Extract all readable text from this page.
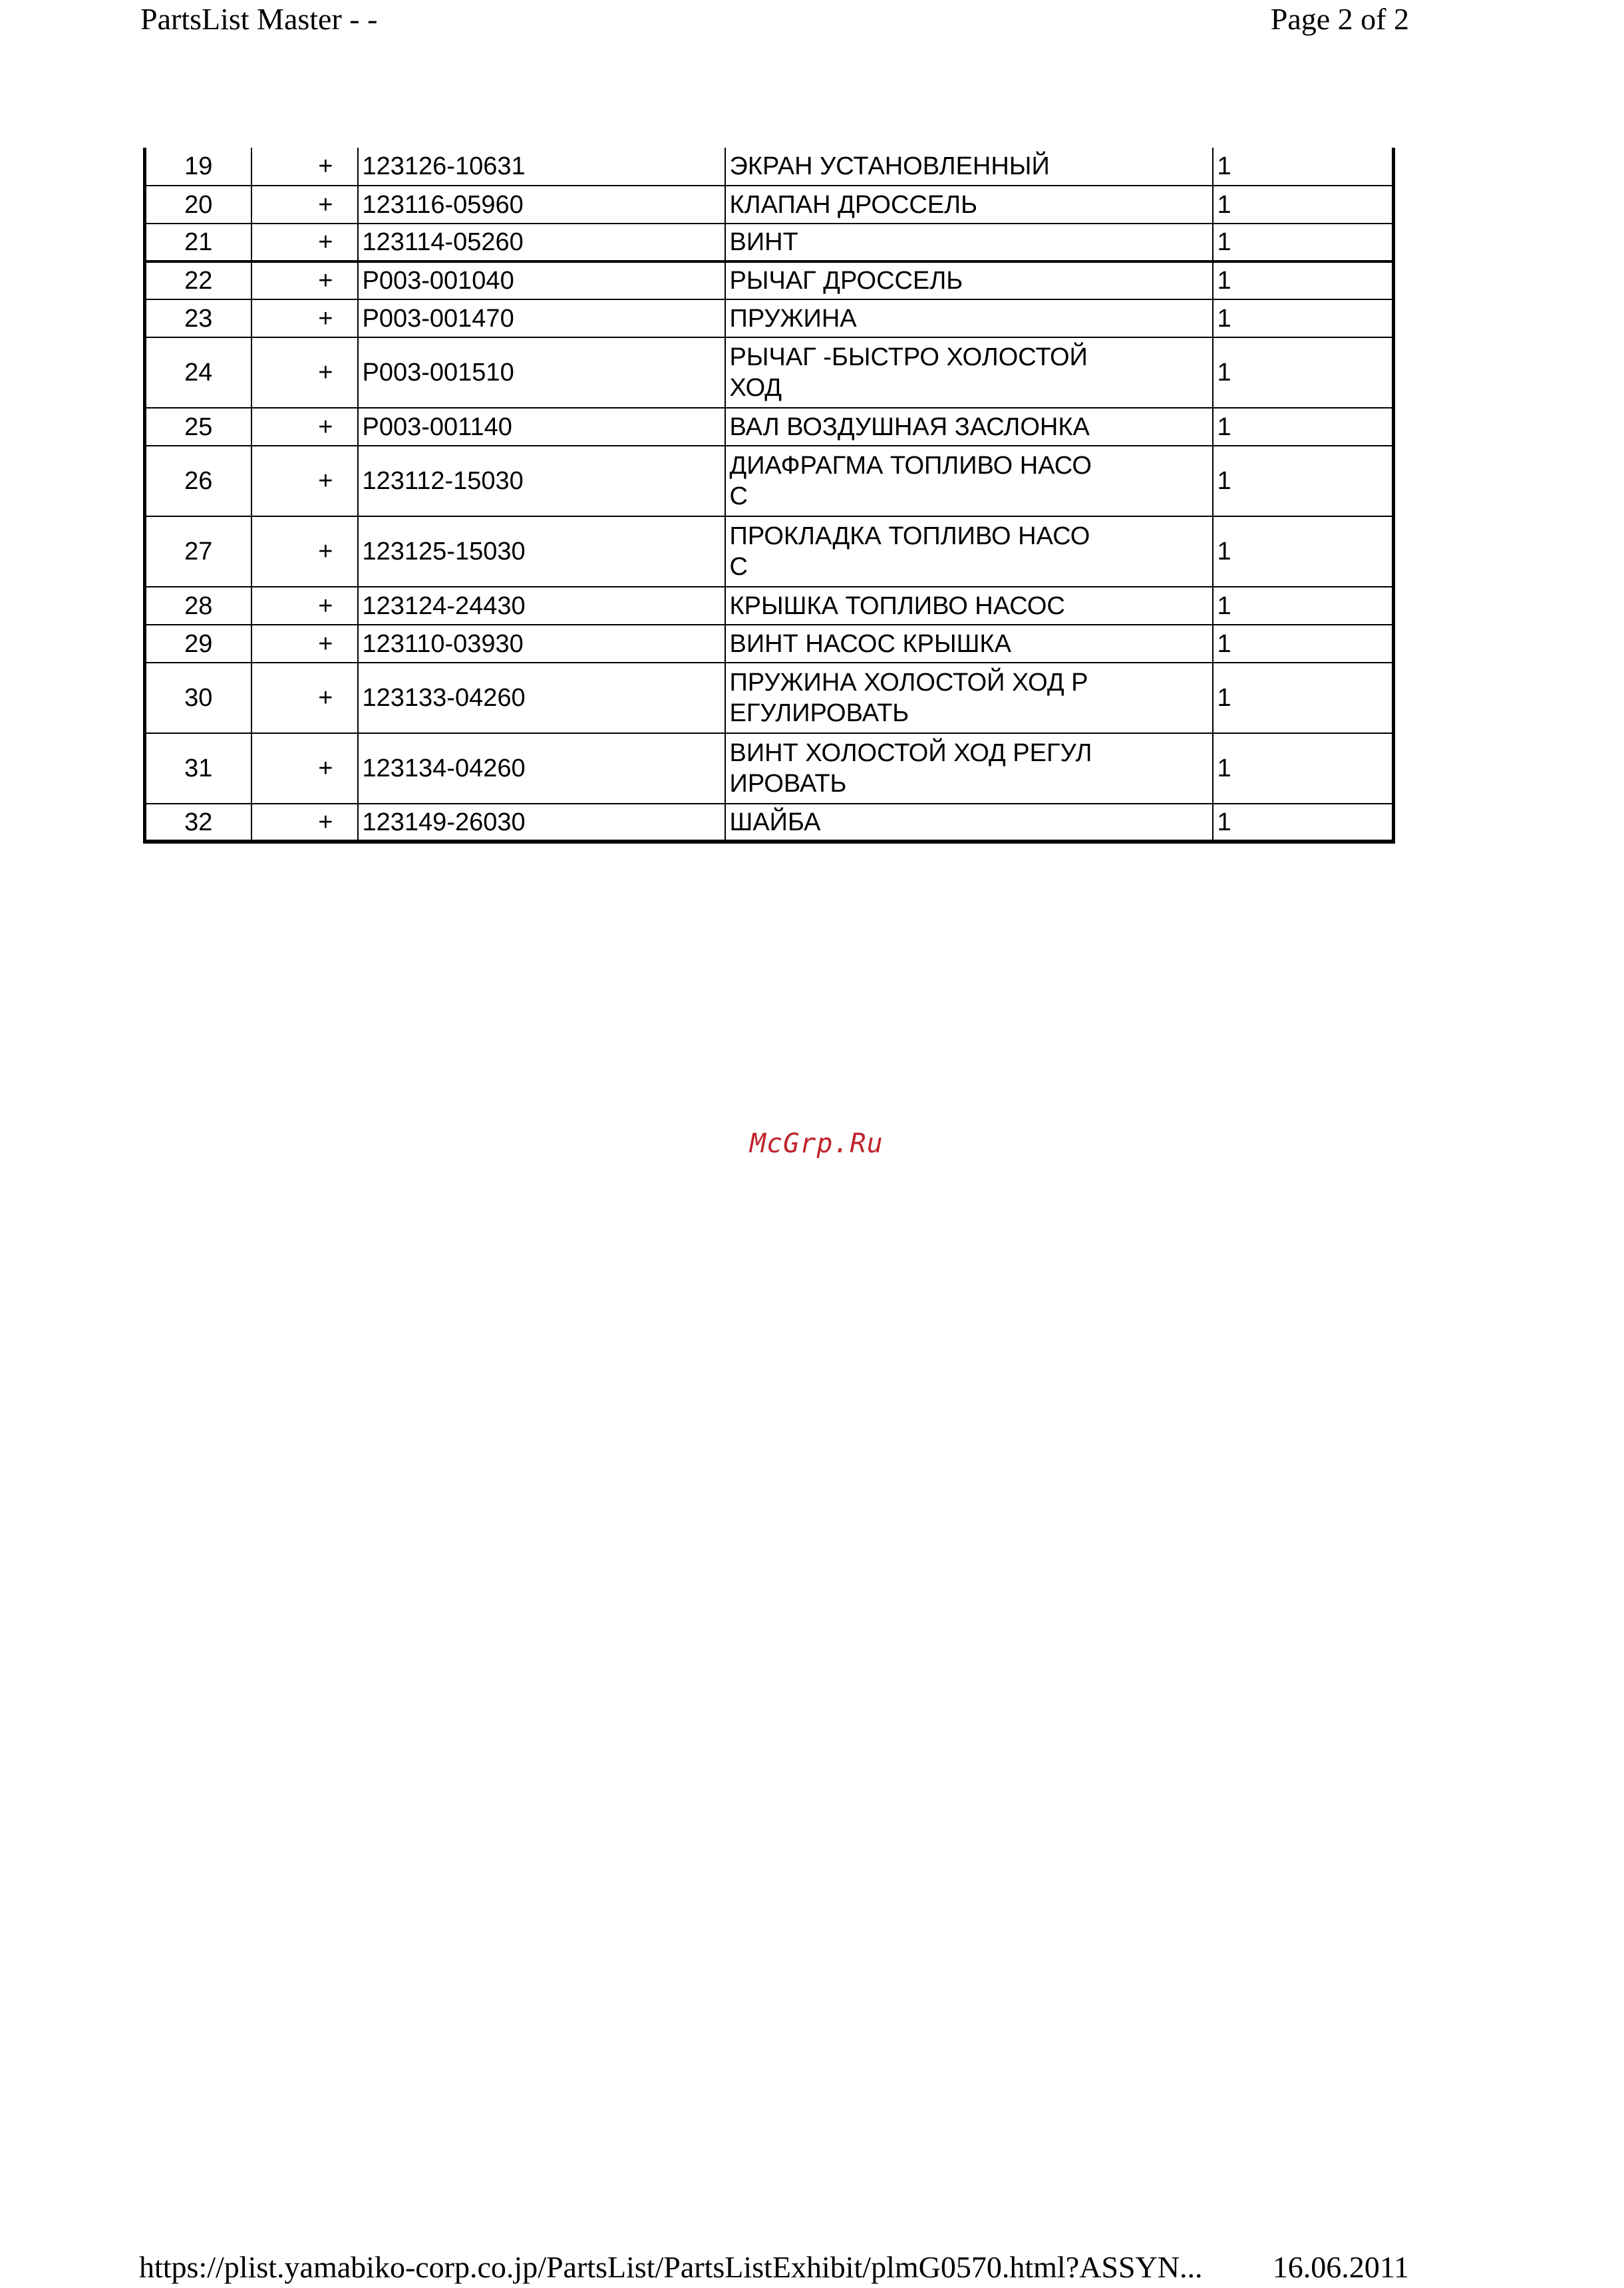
PartsList Master - -	Page 2 of 2
19	+	123126-10631	ЭКРАН УСТАНОВЛЕННЫЙ	1
20	+	123116-05960	КЛАПАН ДРОССЕЛЬ	1
21	+	123114-05260	ВИНТ	1
22	+	P003-001040	РЫЧАГ ДРОССЕЛЬ	1
23	+	P003-001470	ПРУЖИНА	1
24	+	P003-001510	РЫЧАГ -БЫСТРО ХОЛОСТОЙ
ХОД	1
25	+	P003-001140	ВАЛ ВОЗДУШНАЯ ЗАСЛОНКА	1
26	+	123112-15030	ДИАФРАГМА ТОПЛИВО НАСО
С	1
27	+	123125-15030	ПРОКЛАДКА ТОПЛИВО НАСО
С	1
28	+	123124-24430	КРЫШКА ТОПЛИВО НАСОС	1
29	+	123110-03930	ВИНТ НАСОС КРЫШКА	1
30	+	123133-04260	ПРУЖИНА ХОЛОСТОЙ ХОД Р
ЕГУЛИРОВАТЬ	1
31	+	123134-04260	ВИНТ ХОЛОСТОЙ ХОД РЕГУЛ
ИРОВАТЬ	1
32	+	123149-26030	ШАЙБА	1
McGrp.Ru
https://plist.yamabiko-corp.co.jp/PartsList/PartsListExhibit/plmG0570.html?ASSYN... 16.06.2011
